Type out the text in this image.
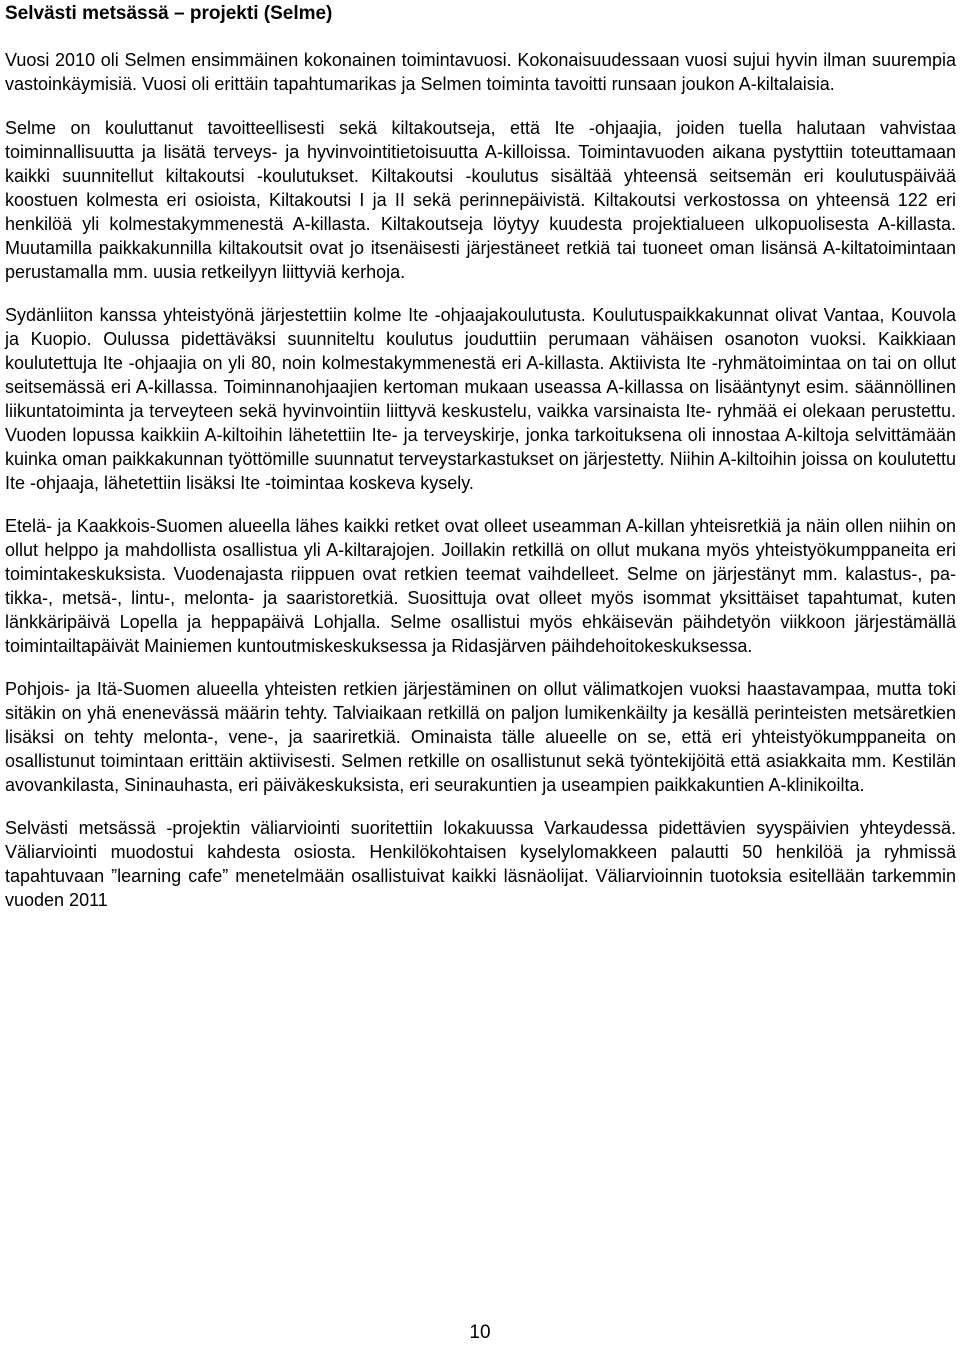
Selvästi metsässä – projekti (Selme)

Vuosi 2010 oli Selmen ensimmäinen kokonainen toimintavuosi. Kokonaisuudessaan vuosi sujui hyvin ilman suurempia vastoinkäymisiä. Vuosi oli erittäin tapahtumarikas ja Selmen toiminta tavoitti runsaan joukon A-kiltalaisia.

Selme on kouluttanut tavoitteellisesti sekä kiltakoutseja, että Ite -ohjaajia, joiden tuella halutaan vahvistaa toiminnallisuutta ja lisätä terveys- ja hyvinvointitietoisuutta A-killoissa. Toimintavuoden aikana pystyttiin toteuttamaan kaikki suunnitellut kiltakoutsi -koulutukset. Kiltakoutsi -koulutus sisältää yhteensä seitsemän eri koulutuspäivää koostuen kolmesta eri osioista, Kiltakoutsi I ja II sekä perinnepäivistä. Kiltakoutsi verkostossa on yhteensä 122 eri henkilöä yli kolmestakymmenestä A-killasta. Kiltakoutseja löytyy kuudesta projektialueen ulkopuolisesta A-killasta. Muutamilla paikkakunnilla kiltakoutsit ovat jo itsenäisesti järjestäneet retkiä tai tuoneet oman lisänsä A-kiltatoimintaan perustamalla mm. uusia retkeilyyn liittyviä kerhoja.

Sydänliiton kanssa yhteistyönä järjestettiin kolme Ite -ohjaajakoulutusta. Koulutuspaikkakunnat olivat Vantaa, Kouvola ja Kuopio. Oulussa pidettäväksi suunniteltu koulutus jouduttiin perumaan vähäisen osanoton vuoksi. Kaikkiaan koulutettuja Ite -ohjaajia on yli 80, noin kolmestakymmenestä eri A-killasta. Aktiivista Ite -ryhmätoimintaa on tai on ollut seitsemässä eri A-killassa. Toiminnanohjaajien kertoman mukaan useassa A-killassa on lisääntynyt esim. säännöllinen liikuntatoiminta ja terveyteen sekä hyvinvointiin liittyvä keskustelu, vaikka varsinaista Ite- ryhmää ei olekaan perustettu. Vuoden lopussa kaikkiin A-kiltoihin lähetettiin Ite- ja terveyskirje, jonka tarkoituksena oli innostaa A-kiltoja selvittämään kuinka oman paikkakunnan työttömille suunnatut terveystarkastukset on järjestetty. Niihin A-kiltoihin joissa on koulutettu Ite -ohjaaja, lähetettiin lisäksi Ite -toimintaa koskeva kysely.

Etelä- ja Kaakkois-Suomen alueella lähes kaikki retket ovat olleet useamman A-killan yhteisretkiä ja näin ollen niihin on ollut helppo ja mahdollista osallistua yli A-kiltarajojen. Joillakin retkillä on ollut mukana myös yhteistyökumppaneita eri toimintakeskuksista. Vuodenajasta riippuen ovat retkien teemat vaihdelleet. Selme on järjestänyt mm. kalastus-, patikka-, metsä-, lintu-, melonta- ja saaristoretkiä. Suosittuja ovat olleet myös isommat yksittäiset tapahtumat, kuten länkkäripäivä Lopella ja heppapäivä Lohjalla. Selme osallistui myös ehkäisevän päihdetyön viikkoon järjestämällä toimintailtapäivät Mainiemen kuntoutmiskeskuksessa ja Ridasjärven päihdehoitokeskuksessa.

Pohjois- ja Itä-Suomen alueella yhteisten retkien järjestäminen on ollut välimatkojen vuoksi haastavampaa, mutta toki sitäkin on yhä enenevässä määrin tehty. Talviaikaan retkillä on paljon lumikenkäilty ja kesällä perinteisten metsäretkien lisäksi on tehty melonta-, vene-, ja saariretkiä. Ominaista tälle alueelle on se, että eri yhteistyökumppaneita on osallistunut toimintaan erittäin aktiivisesti. Selmen retkille on osallistunut sekä työntekijöitä että asiakkaita mm. Kestilän avovankilasta, Sininauhasta, eri päiväkeskuksista, eri seurakuntien ja useampien paikkakuntien A-klinikoilta.

Selvästi metsässä -projektin väliarviointi suoritettiin lokakuussa Varkaudessa pidettävien syyspäivien yhteydessä. Väliarviointi muodostui kahdesta osiosta. Henkilökohtaisen kyselylomakkeen palautti 50 henkilöä ja ryhmissä tapahtuvaan ”learning cafe” menetelmään osallistuivat kaikki läsnäolijat. Väliarvioinnin tuotoksia esitellään tarkemmin vuoden 2011

10
